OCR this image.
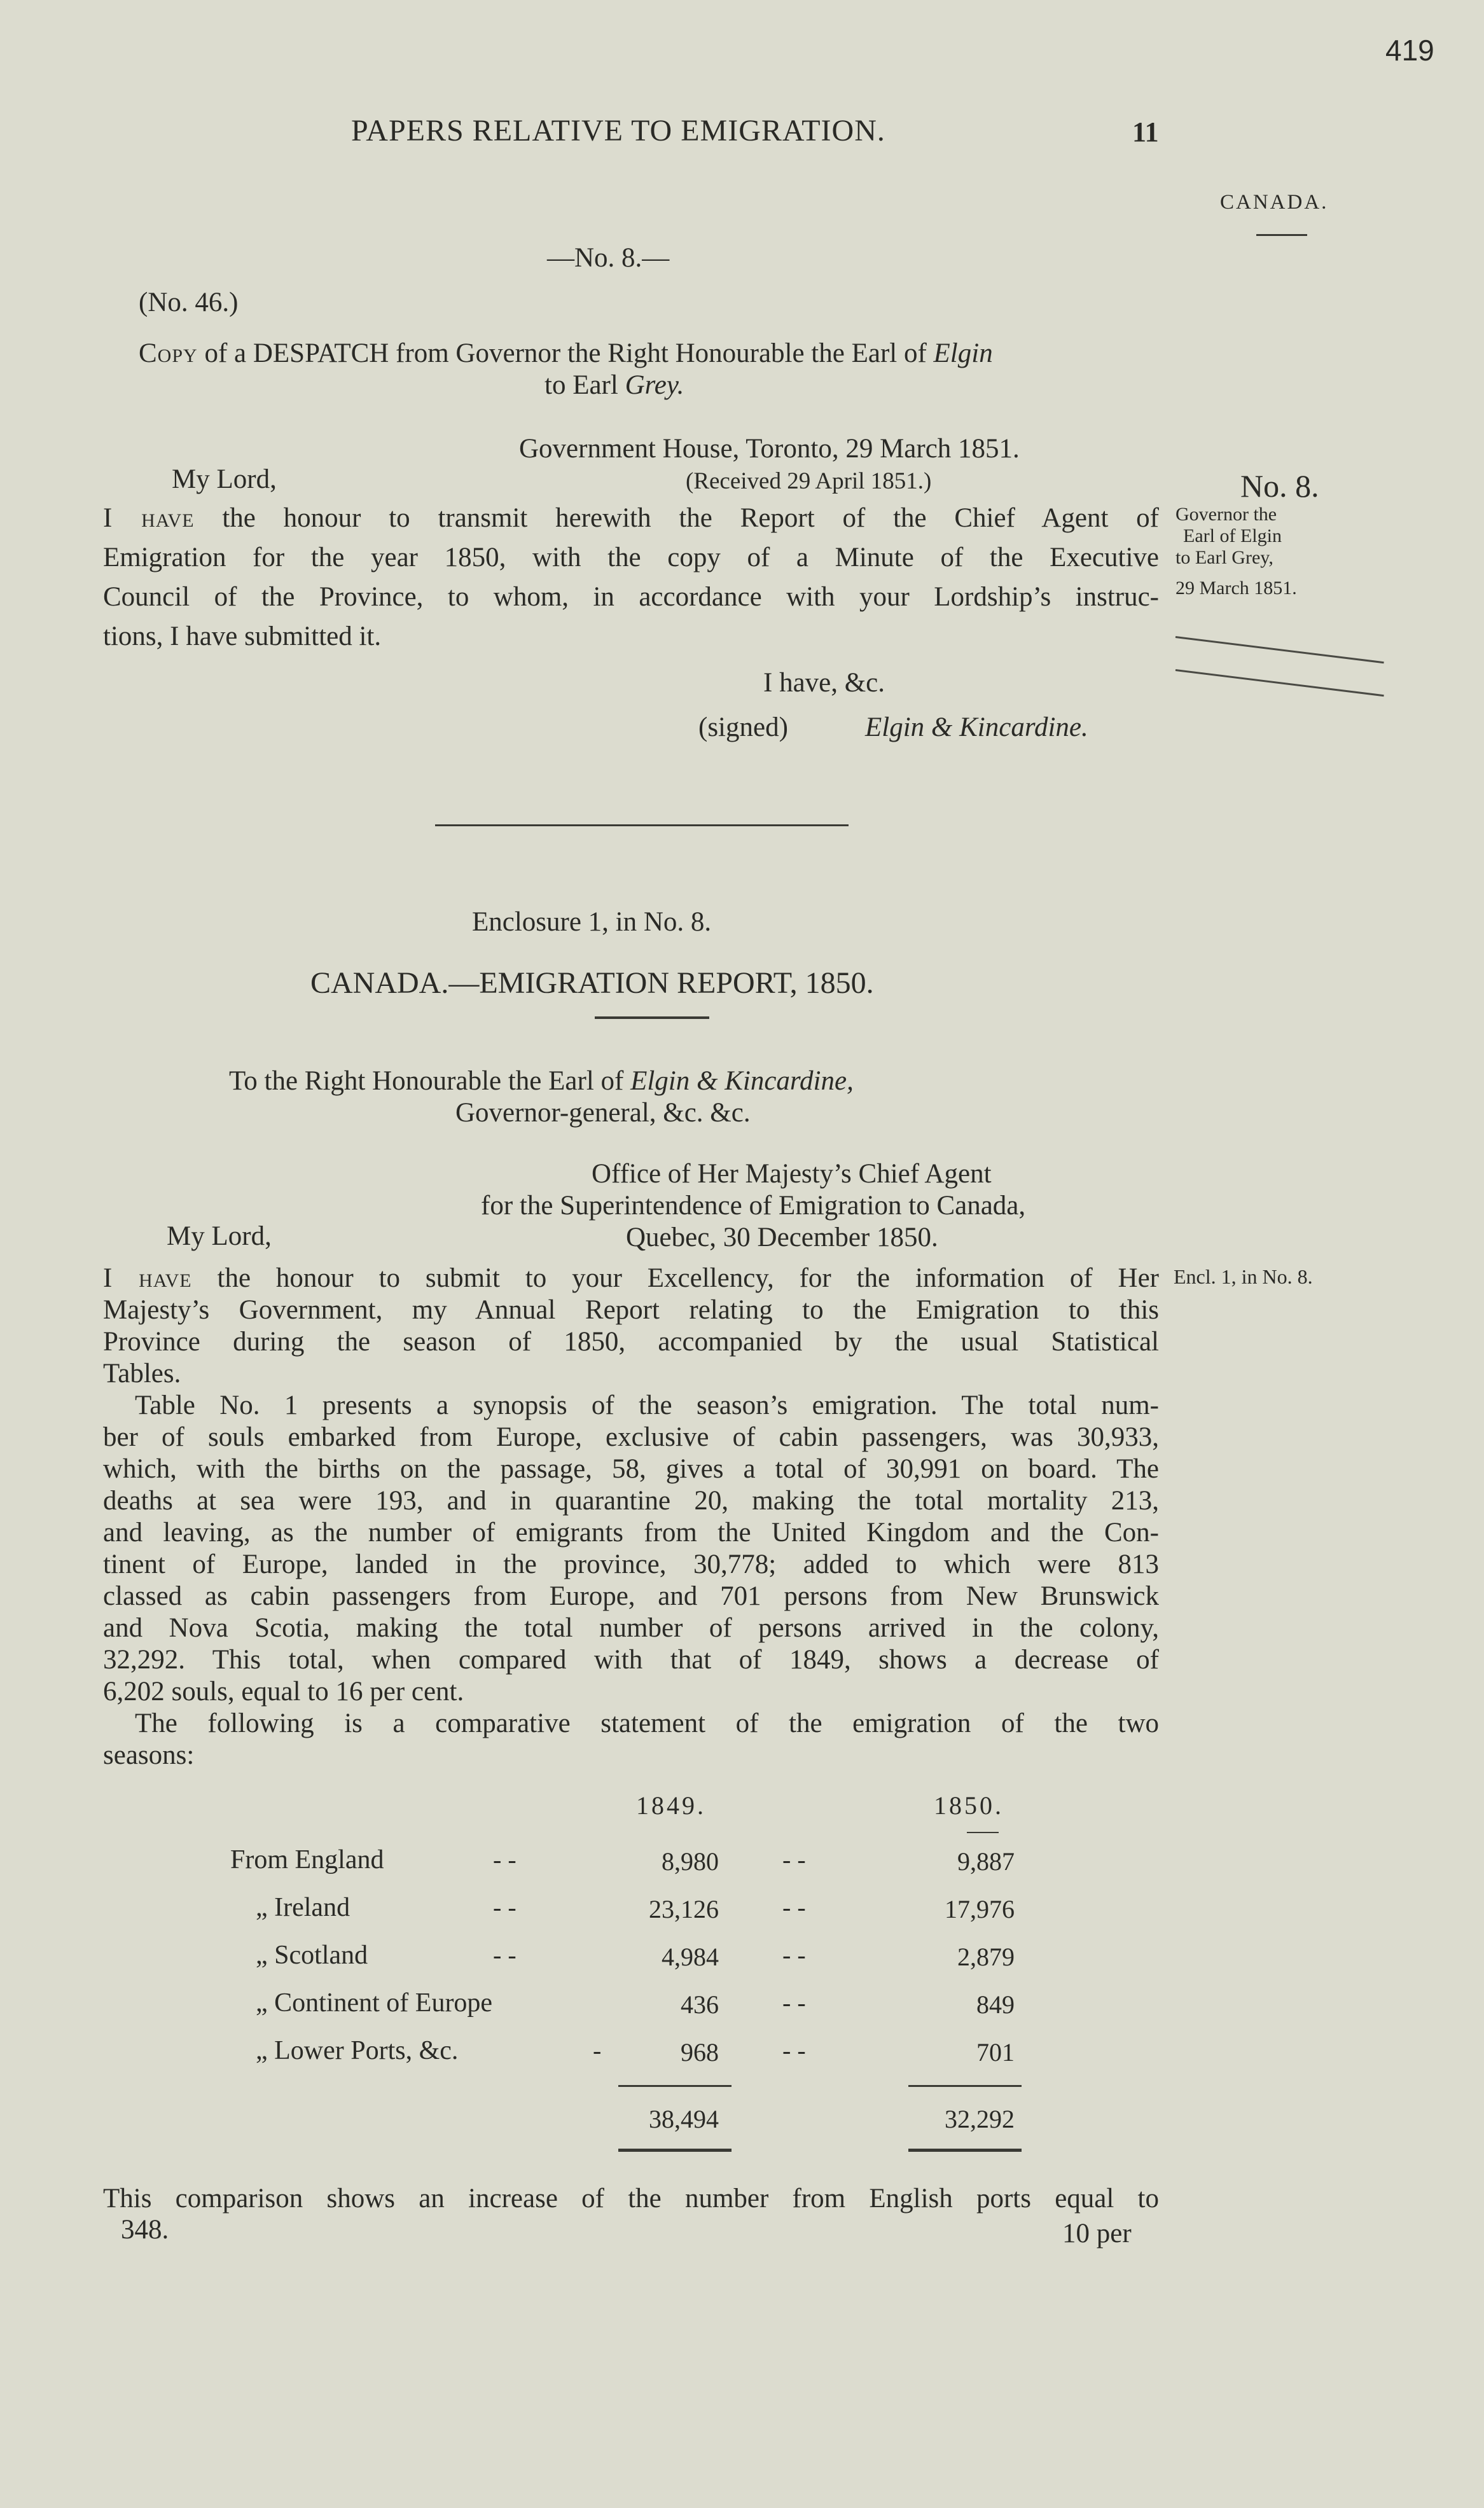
419
PAPERS RELATIVE TO EMIGRATION.	11
CANADA.
No. 8.
Governor the
Earl of Elgin
to Earl Grey,
29 March 1851.
Encl. 1, in No. 8.
—No. 8.—
(No. 46.)
Copy of a DESPATCH from Governor the Right Honourable the Earl of Elgin
to Earl Grey.
Government House, Toronto, 29 March 1851.
My Lord,	(Received 29 April 1851.)
I have the honour to transmit herewith the Report of the Chief Agent of
Emigration for the year 1850, with the copy of a Minute of the Executive
Council of the Province, to whom, in accordance with your Lordship’s instruc-
tions, I have submitted it.
I have, &c.
(signed)	Elgin & Kincardine.
Enclosure 1, in No. 8.
CANADA.—EMIGRATION REPORT, 1850.
To the Right Honourable the Earl of Elgin & Kincardine,
Governor-general, &c. &c.
Office of Her Majesty’s Chief Agent
for the Superintendence of Emigration to Canada,
Quebec, 30 December 1850.
My Lord,
I have the honour to submit to your Excellency, for the information of Her
Majesty’s Government, my Annual Report relating to the Emigration to this
Province during the season of 1850, accompanied by the usual Statistical
Tables.
Table No. 1 presents a synopsis of the season’s emigration. The total num-
ber of souls embarked from Europe, exclusive of cabin passengers, was 30,933,
which, with the births on the passage, 58, gives a total of 30,991 on board. The
deaths at sea were 193, and in quarantine 20, making the total mortality 213,
and leaving, as the number of emigrants from the United Kingdom and the Con-
tinent of Europe, landed in the province, 30,778; added to which were 813
classed as cabin passengers from Europe, and 701 persons from New Brunswick
and Nova Scotia, making the total number of persons arrived in the colony,
32,292. This total, when compared with that of 1849, shows a decrease of
6,202 souls, equal to 16 per cent.
The following is a comparative statement of the emigration of the two
seasons:
1849.	1850.
From England	- -	8,980	- -	9,887
„ Ireland	- -	23,126	- -	17,976
„ Scotland	- -	4,984	- -	2,879
„ Continent of Europe	436	- -	849
„ Lower Ports, &c.	-	968	- -	701
38,494	32,292
This comparison shows an increase of the number from English ports equal to
348.	10 per
